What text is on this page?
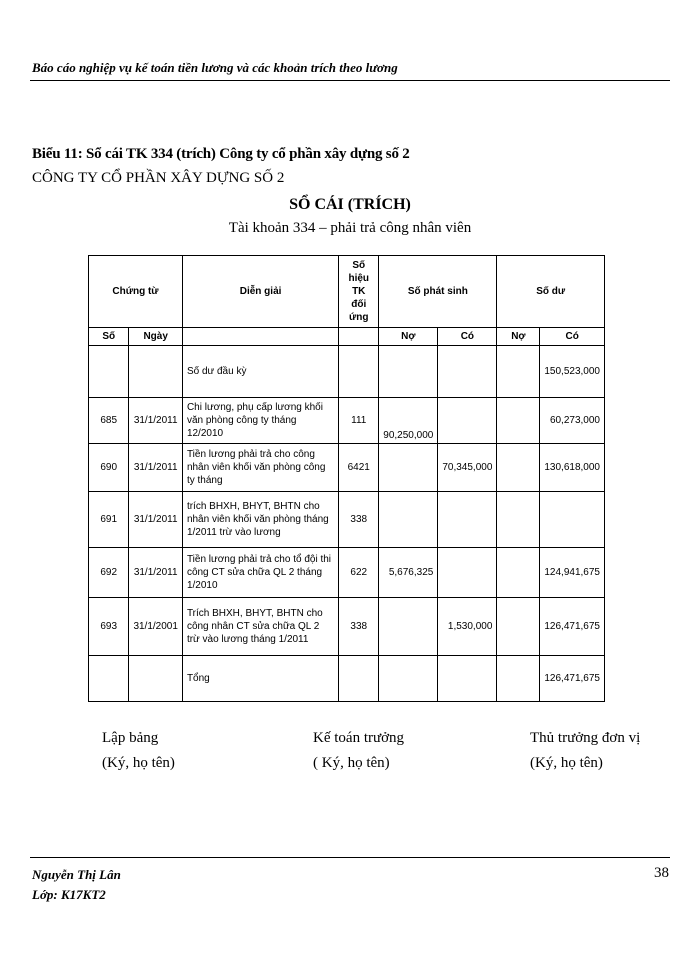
Báo cáo nghiệp vụ kế toán tiền lương và các khoản trích theo lương
Biểu 11: Sổ cái TK 334 (trích) Công ty cổ phần xây dựng số 2
CÔNG TY CỔ PHẦN XÂY DỰNG SỐ 2
SỔ CÁI (TRÍCH)
Tài khoản 334 – phải trả công nhân viên
Chứng từ		Diễn giải	Số hiệu TK đối ứng	Số phát sinh		Số dư	
Số	Ngày			Nợ	Có	Nợ	Có
		Số dư đầu kỳ					150,523,000
685	31/1/2011	Chi lương, phụ cấp lương khối văn phòng công ty tháng 12/2010	111	90,250,000			60,273,000
690	31/1/2011	Tiền lương phải trả cho công nhân viên khối văn phòng công ty tháng	6421		70,345,000		130,618,000
691	31/1/2011	trích BHXH, BHYT, BHTN cho nhân viên khối văn phòng tháng 1/2011 trừ vào lương	338				
692	31/1/2011	Tiền lương phải trả cho tổ đội thi công CT sửa chữa QL 2 tháng 1/2010	622	5,676,325			124,941,675
693	31/1/2001	Trích BHXH, BHYT, BHTN cho công nhân CT sửa chữa QL 2 trừ vào lương tháng 1/2011	338		1,530,000		126,471,675
		Tổng					126,471,675
Lập bảng
(Ký, họ tên)
Kế toán trưởng
( Ký, họ tên)
Thủ trưởng đơn vị
(Ký, họ tên)
Nguyễn Thị Lân
Lớp: K17KT2
38
